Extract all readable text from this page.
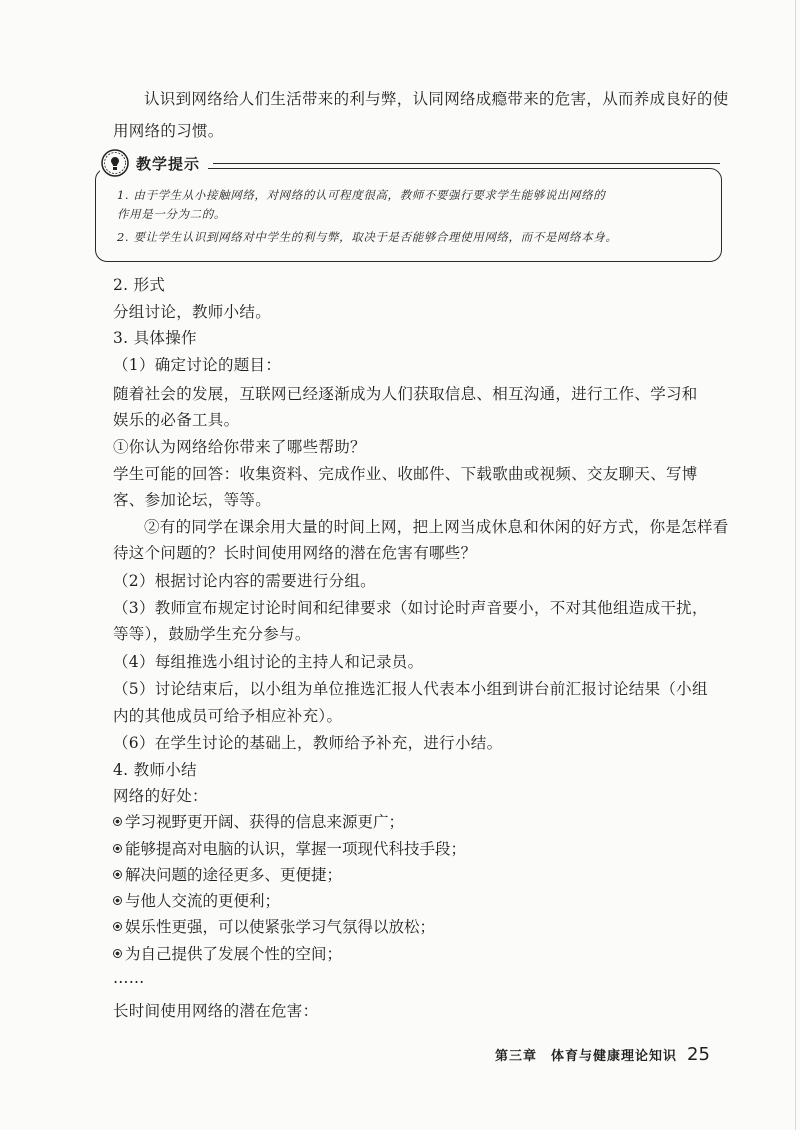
认识到网络给人们生活带来的利与弊，认同网络成瘾带来的危害，从而养成良好的使
用网络的习惯。
教学提示
1. 由于学生从小接触网络，对网络的认可程度很高，教师不要强行要求学生能够说出网络的
作用是一分为二的。
2. 要让学生认识到网络对中学生的利与弊，取决于是否能够合理使用网络，而不是网络本身。
2. 形式
分组讨论，教师小结。
3. 具体操作
（1）确定讨论的题目：
随着社会的发展，互联网已经逐渐成为人们获取信息、相互沟通，进行工作、学习和
娱乐的必备工具。
①你认为网络给你带来了哪些帮助？
学生可能的回答：收集资料、完成作业、收邮件、下载歌曲或视频、交友聊天、写博
客、参加论坛，等等。
②有的同学在课余用大量的时间上网，把上网当成休息和休闲的好方式，你是怎样看
待这个问题的？长时间使用网络的潜在危害有哪些？
（2）根据讨论内容的需要进行分组。
（3）教师宣布规定讨论时间和纪律要求（如讨论时声音要小，不对其他组造成干扰，
等等），鼓励学生充分参与。
（4）每组推选小组讨论的主持人和记录员。
（5）讨论结束后，以小组为单位推选汇报人代表本小组到讲台前汇报讨论结果（小组
内的其他成员可给予相应补充）。
（6）在学生讨论的基础上，教师给予补充，进行小结。
4. 教师小结
网络的好处：
学习视野更开阔、获得的信息来源更广；
能够提高对电脑的认识，掌握一项现代科技手段；
解决问题的途径更多、更便捷；
与他人交流的更便利；
娱乐性更强，可以使紧张学习气氛得以放松；
为自己提供了发展个性的空间；
……
长时间使用网络的潜在危害：
第三章　体育与健康理论知识 25
